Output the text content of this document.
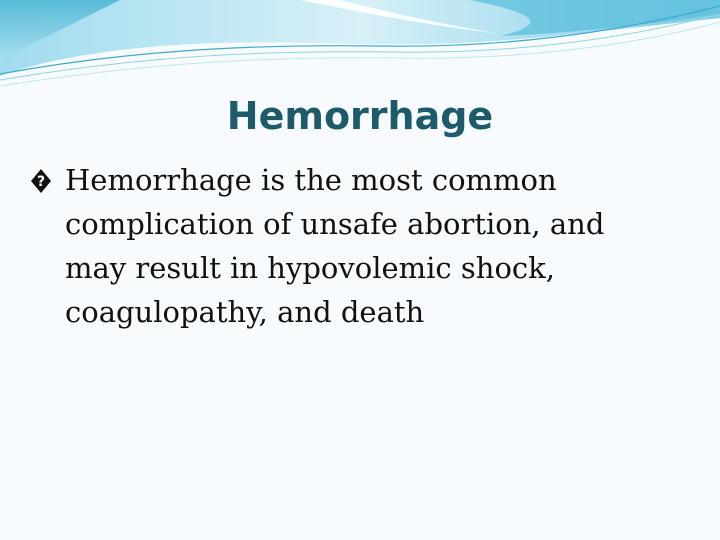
Hemorrhage
? Hemorrhage is the most common complication of unsafe abortion, and may result in hypovolemic shock, coagulopathy, and death
